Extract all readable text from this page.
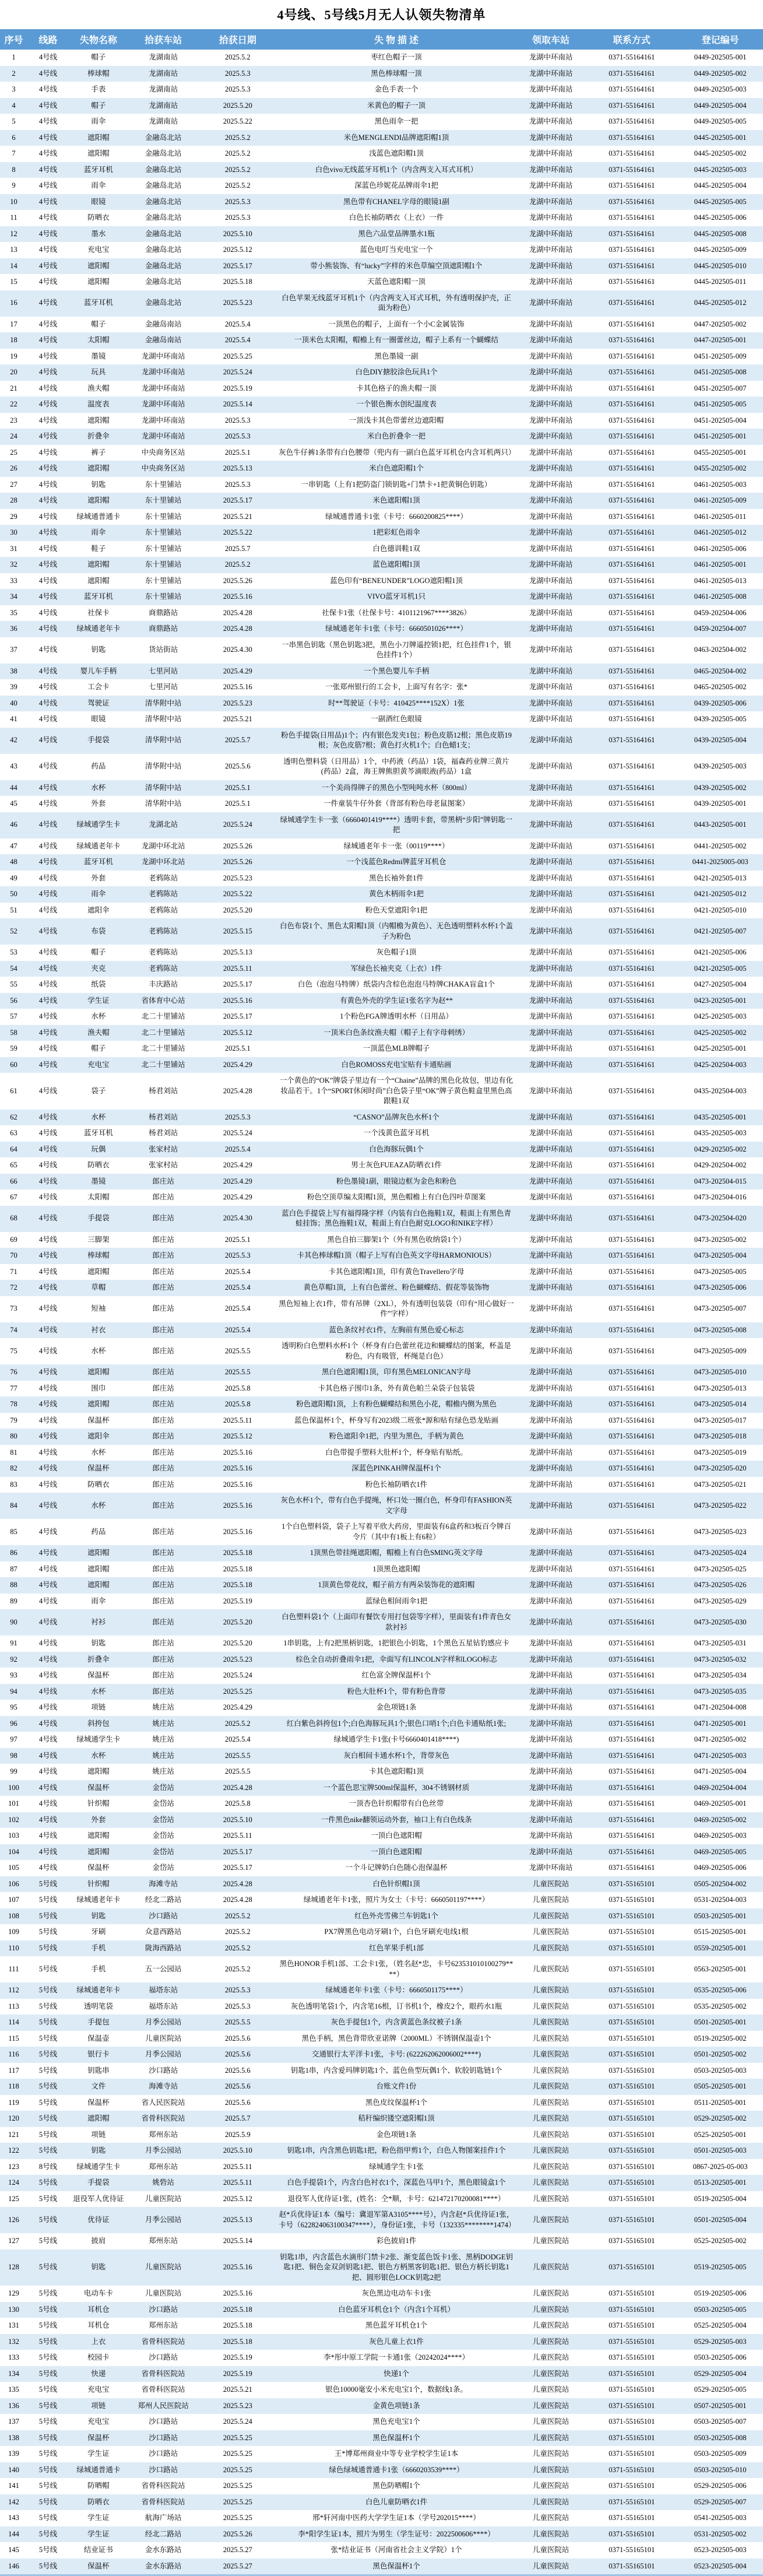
4号线、5号线5月无人认领失物清单
序号	线路	失物名称	拾获车站	拾获日期	失 物 描 述	领取车站	联系方式	登记编号
1	4号线	帽子	龙湖南站	2025.5.2	枣红色帽子一顶	龙湖中环南站	0371-55164161	0449-202505-001
2	4号线	棒球帽	龙湖南站	2025.5.3	黑色棒球帽一顶	龙湖中环南站	0371-55164161	0449-202505-002
3	4号线	手表	龙湖南站	2025.5.3	金色手表一个	龙湖中环南站	0371-55164161	0449-202505-003
4	4号线	帽子	龙湖南站	2025.5.20	米黄色的帽子一顶	龙湖中环南站	0371-55164161	0449-202505-004
5	4号线	雨伞	龙湖南站	2025.5.22	黑色雨伞一把	龙湖中环南站	0371-55164161	0449-202505-005
6	4号线	遮阳帽	金融岛北站	2025.5.2	米色MENGLENDI品牌遮阳帽1顶	龙湖中环南站	0371-55164161	0445-202505-001
7	4号线	遮阳帽	金融岛北站	2025.5.2	浅蓝色遮阳帽1顶	龙湖中环南站	0371-55164161	0445-202505-002
8	4号线	蓝牙耳机	金融岛北站	2025.5.2	白色vivo无线蓝牙耳机1个（内含两支入耳式耳机）	龙湖中环南站	0371-55164161	0445-202505-003
9	4号线	雨伞	金融岛北站	2025.5.2	深蓝色珍妮花品牌雨伞1把	龙湖中环南站	0371-55164161	0445-202505-004
10	4号线	眼镜	金融岛北站	2025.5.3	黑色带有CHANEL字母的眼镜1副	龙湖中环南站	0371-55164161	0445-202505-005
11	4号线	防晒衣	金融岛北站	2025.5.3	白色长袖防晒衣（上衣）一件	龙湖中环南站	0371-55164161	0445-202505-006
12	4号线	墨水	金融岛北站	2025.5.10	黑色六品堂品牌墨水1瓶	龙湖中环南站	0371-55164161	0445-202505-008
13	4号线	充电宝	金融岛北站	2025.5.12	蓝色电叮当充电宝一个	龙湖中环南站	0371-55164161	0445-202505-009
14	4号线	遮阳帽	金融岛北站	2025.5.17	带小熊装饰、有“lucky”字样的米色草编空顶遮阳帽1个	龙湖中环南站	0371-55164161	0445-202505-010
15	4号线	遮阳帽	金融岛北站	2025.5.18	天蓝色遮阳帽一顶	龙湖中环南站	0371-55164161	0445-202505-011
16	4号线	蓝牙耳机	金融岛北站	2025.5.23	白色苹果无线蓝牙耳机1个（内含两支入耳式耳机，外有透明保护壳，正面为粉色）	龙湖中环南站	0371-55164161	0445-202505-012
17	4号线	帽子	金融岛南站	2025.5.4	一顶黑色的帽子，上面有一个小C金属装饰	龙湖中环南站	0371-55164161	0447-202505-002
18	4号线	太阳帽	金融岛南站	2025.5.4	一顶米色太阳帽，帽檐上有一圈蕾丝边，帽子上系有一个蝴蝶结	龙湖中环南站	0371-55164161	0447-202505-001
19	4号线	墨镜	龙湖中环南站	2025.5.25	黑色墨镜一副	龙湖中环南站	0371-55164161	0451-202505-009
20	4号线	玩具	龙湖中环南站	2025.5.24	白色DIY搪胶涂色玩具1个	龙湖中环南站	0371-55164161	0451-202505-008
21	4号线	渔夫帽	龙湖中环南站	2025.5.19	卡其色格子的渔夫帽一顶	龙湖中环南站	0371-55164161	0451-202505-007
22	4号线	温度表	龙湖中环南站	2025.5.14	一个银色衡水创纪温度表	龙湖中环南站	0371-55164161	0451-202505-005
23	4号线	遮阳帽	龙湖中环南站	2025.5.3	一顶浅卡其色带蕾丝边遮阳帽	龙湖中环南站	0371-55164161	0451-202505-004
24	4号线	折叠伞	龙湖中环南站	2025.5.3	米白色折叠伞一把	龙湖中环南站	0371-55164161	0451-202505-001
25	4号线	裤子	中央商务区站	2025.5.1	灰色牛仔裤1条带有白色腰带（兜内有一副白色蓝牙耳机仓内含耳机两只）	龙湖中环南站	0371-55164161	0455-202505-001
26	4号线	遮阳帽	中央商务区站	2025.5.13	米白色遮阳帽1个	龙湖中环南站	0371-55164161	0455-202505-002
27	4号线	钥匙	东十里铺站	2025.5.3	一串钥匙（上有1把防盗门锁钥匙+门禁卡+1把黄铜色钥匙）	龙湖中环南站	0371-55164161	0461-202505-003
28	4号线	遮阳帽	东十里铺站	2025.5.17	米色遮阳帽1顶	龙湖中环南站	0371-55164161	0461-202505-009
29	4号线	绿城通普通卡	东十里铺站	2025.5.21	绿城通普通卡1张（卡号：6660200825****）	龙湖中环南站	0371-55164161	0461-202505-011
30	4号线	雨伞	东十里铺站	2025.5.22	1把彩虹色雨伞	龙湖中环南站	0371-55164161	0461-202505-012
31	4号线	鞋子	东十里铺站	2025.5.7	白色德训鞋1双	龙湖中环南站	0371-55164161	0461-202505-006
32	4号线	遮阳帽	东十里铺站	2025.5.2	蓝色遮阳帽1顶	龙湖中环南站	0371-55164161	0461-202505-001
33	4号线	遮阳帽	东十里铺站	2025.5.26	蓝色印有“BENEUNDER”LOGO遮阳帽1顶	龙湖中环南站	0371-55164161	0461-202505-013
34	4号线	蓝牙耳机	东十里铺站	2025.5.16	VIVO蓝牙耳机1只	龙湖中环南站	0371-55164161	0461-202505-008
35	4号线	社保卡	商鼎路站	2025.4.28	社保卡1张（社保卡号：4101121967****3826）	龙湖中环南站	0371-55164161	0459-202504-006
36	4号线	绿城通老年卡	商鼎路站	2025.4.28	绿城通老年卡1张（卡号：6660501026****）	龙湖中环南站	0371-55164161	0459-202504-007
37	4号线	钥匙	货站街站	2025.4.30	一串黑色钥匙（黑色钥匙3把，黑色小刀牌遥控锁1把，红色挂件1个，银色挂件1个）	龙湖中环南站	0371-55164161	0463-202504-002
38	4号线	婴儿车手柄	七里河站	2025.4.29	一个黑色婴儿车手柄	龙湖中环南站	0371-55164161	0465-202504-002
39	4号线	工会卡	七里河站	2025.5.16	一张郑州银行的工会卡，上面写有名字：张*	龙湖中环南站	0371-55164161	0465-202505-002
40	4号线	驾驶证	清华附中站	2025.5.23	时**驾驶证（卡号：410425****152X）1张	龙湖中环南站	0371-55164161	0439-202505-006
41	4号线	眼镜	清华附中站	2025.5.21	一副酒红色眼镜	龙湖中环南站	0371-55164161	0439-202505-005
42	4号线	手提袋	清华附中站	2025.5.7	粉色手提袋(日用品)1个；内有银色发夹1包；粉色皮筋12根；黑色皮筋19根；灰色皮筋7根；黄色打火机1个；白色蜡1支；	龙湖中环南站	0371-55164161	0439-202505-004
43	4号线	药品	清华附中站	2025.5.6	透明色塑料袋（日用品）1个，中药液（药品）1袋，福森药业牌三黄片(药品）2盒，海王牌熊胆黄芩滴眼液(药品）1盒	龙湖中环南站	0371-55164161	0439-202505-003
44	4号线	水杯	清华附中站	2025.5.1	一个美尚得牌子的黑色小型吨吨水杯（800ml）	龙湖中环南站	0371-55164161	0439-202505-002
45	4号线	外套	清华附中站	2025.5.1	一件童装牛仔外套（背部有粉色母老鼠图案）	龙湖中环南站	0371-55164161	0439-202505-001
46	4号线	绿城通学生卡	龙湖北站	2025.5.24	绿城通学生卡一张（6660401419****）透明卡套，带黑柄“步阳”牌钥匙一把	龙湖中环南站	0371-55164161	0443-202505-001
47	4号线	绿城通老年卡	龙湖中环北站	2025.5.26	绿城通老年卡一张（00119****）	龙湖中环南站	0371-55164161	0441-202505-002
48	4号线	蓝牙耳机	龙湖中环北站	2025.5.26	一个浅蓝色Redmi牌蓝牙耳机仓	龙湖中环南站	0371-55164161	0441-2025005-003
49	4号线	外套	老鸦陈站	2025.5.23	黑色长袖外套1件	龙湖中环南站	0371-55164161	0421-202505-013
50	4号线	雨伞	老鸦陈站	2025.5.22	黄色木柄雨伞1把	龙湖中环南站	0371-55164161	0421-202505-012
51	4号线	遮阳伞	老鸦陈站	2025.5.20	粉色天堂遮阳伞1把	龙湖中环南站	0371-55164161	0421-202505-010
52	4号线	布袋	老鸦陈站	2025.5.15	白色布袋1个、黑色太阳帽1顶（内帽檐为黄色）、无色透明塑料水杯1个盖子为粉色	龙湖中环南站	0371-55164161	0421-202505-007
53	4号线	帽子	老鸦陈站	2025.5.13	灰色帽子1顶	龙湖中环南站	0371-55164161	0421-202505-006
54	4号线	夹克	老鸦陈站	2025.5.11	军绿色长袖夹克（上衣）1件	龙湖中环南站	0371-55164161	0421-202505-005
55	4号线	纸袋	丰庆路站	2025.5.17	白色（泡泡马特牌）纸袋内含棕色泡泡马特牌CHAKA盲盒1个	龙湖中环南站	0371-55164161	0427-202505-004
56	4号线	学生证	省体育中心站	2025.5.16	有黄色外壳的学生证1张名字为赵**	龙湖中环南站	0371-55164161	0423-202505-001
57	4号线	水杯	北二十里铺站	2025.5.17	1个粉色FGA牌透明水杯（日用品）	龙湖中环南站	0371-55164161	0425-202505-003
58	4号线	渔夫帽	北二十里铺站	2025.5.12	一顶米白色条纹渔夫帽（帽子上有字母刺绣）	龙湖中环南站	0371-55164161	0425-202505-002
59	4号线	帽子	北二十里铺站	2025.5.1	一顶蓝色MLB牌帽子	龙湖中环南站	0371-55164161	0425-202505-001
60	4号线	充电宝	北二十里铺站	2025.4.29	白色ROMOSS充电宝贴有卡通贴画	龙湖中环南站	0371-55164161	0425-202504-003
61	4号线	袋子	杨君刘站	2025.4.28	一个黄色的“OK”牌袋子里边有一个“Chaine”品牌的黑色化妆包，里边有化妆品若干。1个“SPORT休闲时尚”白色袋子里“OK”牌子黄色鞋盒里黑色高跟鞋1双	龙湖中环南站	0371-55164161	0435-202504-003
62	4号线	水杯	杨君刘站	2025.5.3	“CASNO”品牌灰色水杯1个	龙湖中环南站	0371-55164161	0435-202505-001
63	4号线	蓝牙耳机	杨君刘站	2025.5.24	一个浅黄色蓝牙耳机	龙湖中环南站	0371-55164161	0435-202505-003
64	4号线	玩偶	张家村站	2025.5.4	白色海豚玩偶1个	龙湖中环南站	0371-55164161	0429-202505-002
65	4号线	防晒衣	张家村站	2025.4.29	男士灰色FUEAZA防晒衣1件	龙湖中环南站	0371-55164161	0429-202504-002
66	4号线	墨镜	郎庄站	2025.4.29	粉色墨镜1副，眼镜边框为金色和粉色	龙湖中环南站	0371-55164161	0473-202504-015
67	4号线	太阳帽	郎庄站	2025.4.29	粉色空顶草编太阳帽1顶，黑色帽檐上有白色四叶草图案	龙湖中环南站	0371-55164161	0473-202504-016
68	4号线	手提袋	郎庄站	2025.4.30	蓝白色手提袋上写有福得隆字样（内装有白色拖鞋1双，鞋面上有黑色青蛙挂饰；黑色拖鞋1双，鞋面上有白色耐克LOGO和NIKE字样）	龙湖中环南站	0371-55164161	0473-202504-020
69	4号线	三脚架	郎庄站	2025.5.1	黑色自拍三脚架1个（外有黑色收纳袋1个）	龙湖中环南站	0371-55164161	0473-202505-002
70	4号线	棒球帽	郎庄站	2025.5.3	卡其色棒球帽1顶（帽子上写有白色英文字母HARMONIOUS）	龙湖中环南站	0371-55164161	0473-202505-004
71	4号线	遮阳帽	郎庄站	2025.5.4	卡其色遮阳帽1顶，印有黄色Travellero字母	龙湖中环南站	0371-55164161	0473-202505-005
72	4号线	草帽	郎庄站	2025.5.4	黄色草帽1顶，上有白色蕾丝、粉色蝴蝶结、假花等装饰物	龙湖中环南站	0371-55164161	0473-202505-006
73	4号线	短袖	郎庄站	2025.5.4	黑色短袖上衣1件，带有吊牌（2XL），外有透明包装袋（印有“用心做好一件”字样）	龙湖中环南站	0371-55164161	0473-202505-007
74	4号线	衬衣	郎庄站	2025.5.4	蓝色条纹衬衣1件，左胸前有黑色爱心标志	龙湖中环南站	0371-55164161	0473-202505-008
75	4号线	水杯	郎庄站	2025.5.5	透明粉白色塑料水杯1个（杯身有白色蕾丝花边和蝴蝶结的图案，杯盖是粉色，内有吸管，杯绳是白色）	龙湖中环南站	0371-55164161	0473-202505-009
76	4号线	遮阳帽	郎庄站	2025.5.5	黑白色遮阳帽1顶，印有黑色MELONICAN字母	龙湖中环南站	0371-55164161	0473-202505-010
77	4号线	围巾	郎庄站	2025.5.8	卡其色格子围巾1条，外有黄色帕兰朵袋子包装袋	龙湖中环南站	0371-55164161	0473-202505-013
78	4号线	遮阳帽	郎庄站	2025.5.8	粉色遮阳帽1顶，上有粉色蝴蝶结和黑色小花，帽檐内侧为黑色	龙湖中环南站	0371-55164161	0473-202505-014
79	4号线	保温杯	郎庄站	2025.5.11	蓝色保温杯1个，杯身写有2023级二班张*源和贴有绿色恐龙贴画	龙湖中环南站	0371-55164161	0473-202505-017
80	4号线	遮阳伞	郎庄站	2025.5.12	粉色遮阳伞1把，内里为黑色，手柄为黄色	龙湖中环南站	0371-55164161	0473-202505-018
81	4号线	水杯	郎庄站	2025.5.16	白色带提手塑料大肚杯1个，杯身贴有贴纸。	龙湖中环南站	0371-55164161	0473-202505-019
82	4号线	保温杯	郎庄站	2025.5.16	深蓝色PINKAH牌保温杯1个	龙湖中环南站	0371-55164161	0473-202505-020
83	4号线	防晒衣	郎庄站	2025.5.16	粉色长袖防晒衣1件	龙湖中环南站	0371-55164161	0473-202505-021
84	4号线	水杯	郎庄站	2025.5.16	灰色水杯1个，带有白色手提绳，杯口处一圈白色，杯身印有FASHION英文字母	龙湖中环南站	0371-55164161	0473-202505-022
85	4号线	药品	郎庄站	2025.5.16	1个白色塑料袋，袋子上写着平欣大药房，里面装有6盒药和3板百令牌百令片（其中有1板上有6粒）	龙湖中环南站	0371-55164161	0473-202505-023
86	4号线	遮阳帽	郎庄站	2025.5.18	1顶黑色带挂绳遮阳帽，帽檐上有白色SMING英文字母	龙湖中环南站	0371-55164161	0473-202505-024
87	4号线	遮阳帽	郎庄站	2025.5.18	1顶黑色遮阳帽	龙湖中环南站	0371-55164161	0473-202505-025
88	4号线	遮阳帽	郎庄站	2025.5.18	1顶黄色带花纹，帽子前方有两朵装饰花的遮阳帽	龙湖中环南站	0371-55164161	0473-202505-026
89	4号线	雨伞	郎庄站	2025.5.19	蓝绿色相间雨伞1把	龙湖中环南站	0371-55164161	0473-202505-029
90	4号线	衬衫	郎庄站	2025.5.20	白色塑料袋1个（上面印有餐饮专用打包袋等字样），里面装有1件青色女款衬衫	龙湖中环南站	0371-55164161	0473-202505-030
91	4号线	钥匙	郎庄站	2025.5.20	1串钥匙，上有2把黑柄钥匙，1把银色小钥匙，1个黑色五星钻豹感应卡	龙湖中环南站	0371-55164161	0473-202505-031
92	4号线	折叠伞	郎庄站	2025.5.23	棕色全自动折叠雨伞1把，伞面写有LINCOLN字样和LOGO标志	龙湖中环南站	0371-55164161	0473-202505-032
93	4号线	保温杯	郎庄站	2025.5.24	红色富全牌保温杯1个	龙湖中环南站	0371-55164161	0473-202505-034
94	4号线	水杯	郎庄站	2025.5.25	粉色大肚杯1个，带有粉色背带	龙湖中环南站	0371-55164161	0473-202505-035
95	4号线	项链	姚庄站	2025.4.29	金色项链1条	龙湖中环南站	0371-55164161	0471-202504-008
96	4号线	斜挎包	姚庄站	2025.5.2	红白紫色斜挎包1个;白色海豚玩具1个;银色口哨1个;白色卡通贴纸1张;	龙湖中环南站	0371-55164161	0471-202505-001
97	4号线	绿城通学生卡	姚庄站	2025.5.4	绿城通学生卡1张(卡号6660401418****)	龙湖中环南站	0371-55164161	0471-202505-002
98	4号线	水杯	姚庄站	2025.5.5	灰白相间卡通水杯1个，背带灰色	龙湖中环南站	0371-55164161	0471-202505-003
99	4号线	遮阳帽	姚庄站	2025.5.5	卡其色遮阳帽1顶	龙湖中环南站	0371-55164161	0471-202505-004
100	4号线	保温杯	金岱站	2025.4.28	一个蓝色思宝牌500ml保温杯，304不锈钢材质	龙湖中环南站	0371-55164161	0469-202504-004
101	4号线	针织帽	金岱站	2025.5.8	一顶杏色针织帽带有白色丝带	龙湖中环南站	0371-55164161	0469-202505-001
102	4号线	外套	金岱站	2025.5.10	一件黑色nike翻领运动外套，袖口上有白色线条	龙湖中环南站	0371-55164161	0469-202505-002
103	4号线	遮阳帽	金岱站	2025.5.11	一顶白色遮阳帽	龙湖中环南站	0371-55164161	0469-202505-003
104	4号线	遮阳帽	金岱站	2025.5.17	一顶白色遮阳帽	龙湖中环南站	0371-55164161	0469-202505-005
105	4号线	保温杯	金岱站	2025.5.17	一个斗记牌奶白色随心泡保温杯	龙湖中环南站	0371-55164161	0469-202505-006
106	5号线	针织帽	海滩寺站	2025.4.28	白色针织帽1顶	儿童医院站	0371-55165101	0505-202504-002
107	5号线	绿城通老年卡	经北二路站	2025.4.28	绿城通老年卡1张，照片为女士（卡号：6660501197****）	儿童医院站	0371-55165101	0531-202504-003
108	5号线	钥匙	沙口路站	2025.5.2	红色外壳雪佛兰车钥匙1个	儿童医院站	0371-55165101	0503-202505-001
109	5号线	牙刷	众意西路站	2025.5.2	PX7牌黑色电动牙刷1个，白色牙刷充电线1根	儿童医院站	0371-55165101	0515-202505-001
110	5号线	手机	陇海西路站	2025.5.2	红色苹果手机1部	儿童医院站	0371-55165101	0559-202505-001
111	5号线	手机	五一公园站	2025.5.2	黑色HONOR手机1部、工会卡1张，（姓名赵*忠，卡号623531010100279****）	儿童医院站	0371-55165101	0563-202505-001
112	5号线	绿城通老年卡	福塔东站	2025.5.3	绿城通老年卡1张（卡号：6660501175****）	儿童医院站	0371-55165101	0535-202505-006
113	5号线	透明笔袋	福塔东站	2025.5.3	灰色透明笔袋1个，内含笔16根，订书机1个，橡皮2个，眼药水1瓶	儿童医院站	0371-55165101	0535-202505-002
114	5号线	手提包	月季公园站	2025.5.5	灰色手提包1个，内含黄蓝色条纹被子1条	儿童医院站	0371-55165101	0501-202505-001
115	5号线	保温壶	儿童医院站	2025.5.6	黑色手柄，黑色背带欣亚诺牌（2000ML）不锈钢保温壶1个	儿童医院站	0371-55165101	0519-202505-002
116	5号线	银行卡	月季公园站	2025.5.6	交通银行太平洋卡1张，卡号: (622262062006002****)	儿童医院站	0371-55165101	0501-202505-002
117	5号线	钥匙串	沙口路站	2025.5.6	钥匙1串，内含爱玛牌钥匙1个、蓝色鱼型玩偶1个、软胶钥匙链1个	儿童医院站	0371-55165101	0503-202505-003
118	5号线	文件	海滩寺站	2025.5.6	台账文件1份	儿童医院站	0371-55165101	0505-202505-001
119	5号线	保温杯	省人民医院站	2025.5.6	黑色皮纹保温杯1个	儿童医院站	0371-55165101	0511-202505-001
120	5号线	遮阳帽	省骨科医院站	2025.5.7	秸秆编织镂空遮阳帽1顶	儿童医院站	0371-55165101	0529-202505-002
121	5号线	项链	郑州东站	2025.5.9	金色项链1条	儿童医院站	0371-55165101	0525-202505-001
122	5号线	钥匙	月季公园站	2025.5.10	钥匙1串，内含黑色钥匙1把，粉色指甲剪1个，白色人物图案挂件1个	儿童医院站	0371-55165101	0501-202505-003
123	8号线	绿城通学生卡	郑州东站	2025.5.11	绿城通学生卡1张	儿童医院站	0371-55165101	0867-2025-05-003
124	5号线	手提袋	姚砦站	2025.5.11	白色手提袋1个，内含白色衬衣1个，深蓝色马甲1个，黑色眼镜盒1个	儿童医院站	0371-55165101	0513-202505-001
125	5号线	退役军人优待证	儿童医院站	2025.5.12	退役军人优待证1张，(姓名：仝*顺，卡号：621472170200081****）	儿童医院站	0371-55165101	0519-202505-004
126	5号线	优待证	月季公园站	2025.5.13	赵*兵优待证1本（编号：冀退军第A3105****号），内含赵*兵优待证1张，卡号（622824063100347****），身份证1张，卡号（132335********1474）	儿童医院站	0371-55165101	0501-202505-004
127	5号线	披肩	郑州东站	2025.5.14	彩色披肩1件	儿童医院站	0371-55165101	0525-202505-002
128	5号线	钥匙	儿童医院站	2025.5.16	钥匙1串，内含蓝色水滴形门禁卡2张、渐变蓝色饭卡1张、黑柄DODGE钥匙1把、铜色金双剑钥匙1把、银色方柄黑客钥匙1把、银色方柄长钥匙1把、圆形银色LOCK钥匙2把	儿童医院站	0371-55165101	0519-202505-005
129	5号线	电动车卡	儿童医院站	2025.5.16	灰色黑边电动车卡1张	儿童医院站	0371-55165101	0519-202505-006
130	5号线	耳机仓	沙口路站	2025.5.18	白色蓝牙耳机仓1个（内含1个耳机）	儿童医院站	0371-55165101	0503-202505-005
131	5号线	耳机仓	郑州东站	2025.5.18	黑色蓝牙耳机仓1个	儿童医院站	0371-55165101	0525-202505-004
132	5号线	上衣	省骨科医院站	2025.5.18	灰色儿童上衣1件	儿童医院站	0371-55165101	0529-202505-003
133	5号线	校园卡	沙口路站	2025.5.19	李*彤中原工学院一卡通1张（20242024****）	儿童医院站	0371-55165101	0503-202505-006
134	5号线	快递	省骨科医院站	2025.5.19	快递1个	儿童医院站	0371-55165101	0529-202505-004
135	5号线	充电宝	省骨科医院站	2025.5.21	银色10000毫安小米充电宝1个，数据线1条。	儿童医院站	0371-55165101	0529-202505-005
136	5号线	项链	郑州人民医院站	2025.5.23	金黄色项链1条	儿童医院站	0371-55165101	0507-202505-001
137	5号线	充电宝	沙口路站	2025.5.24	黑色充电宝1个	儿童医院站	0371-55165101	0503-202505-007
138	5号线	保温杯	沙口路站	2025.5.25	黑色保温杯1个	儿童医院站	0371-55165101	0503-202505-008
139	5号线	学生证	沙口路站	2025.5.25	王*博郑州商业中等专业学校学生证1本	儿童医院站	0371-55165101	0503-202505-009
140	5号线	绿城通普通卡	沙口路站	2025.5.25	绿色绿城通普通卡1张（6660203539****）	儿童医院站	0371-55165101	0503-202505-010
141	5号线	防晒帽	省骨科医院站	2025.5.25	黑色防晒帽1个	儿童医院站	0371-55165101	0529-202505-006
142	5号线	防晒衣	省骨科医院站	2025.5.25	白色儿童防晒衣1件	儿童医院站	0371-55165101	0529-202505-007
143	5号线	学生证	航海广场站	2025.5.25	邢*轩河南中医药大学学生证1本（学号202015****）	儿童医院站	0371-55165101	0541-202505-003
144	5号线	学生证	经北二路站	2025.5.26	李*阳学生证1本，照片为男生（学生证号：2022500606****）	儿童医院站	0371-55165101	0531-202505-002
145	5号线	结业证书	金水东路站	2025.5.27	张*结业证书（河南省社会主义学院）1个	儿童医院站	0371-55165101	0523-202505-003
146	5号线	保温杯	金水东路站	2025.5.27	黑色保温杯1个	儿童医院站	0371-55165101	0523-202505-004
